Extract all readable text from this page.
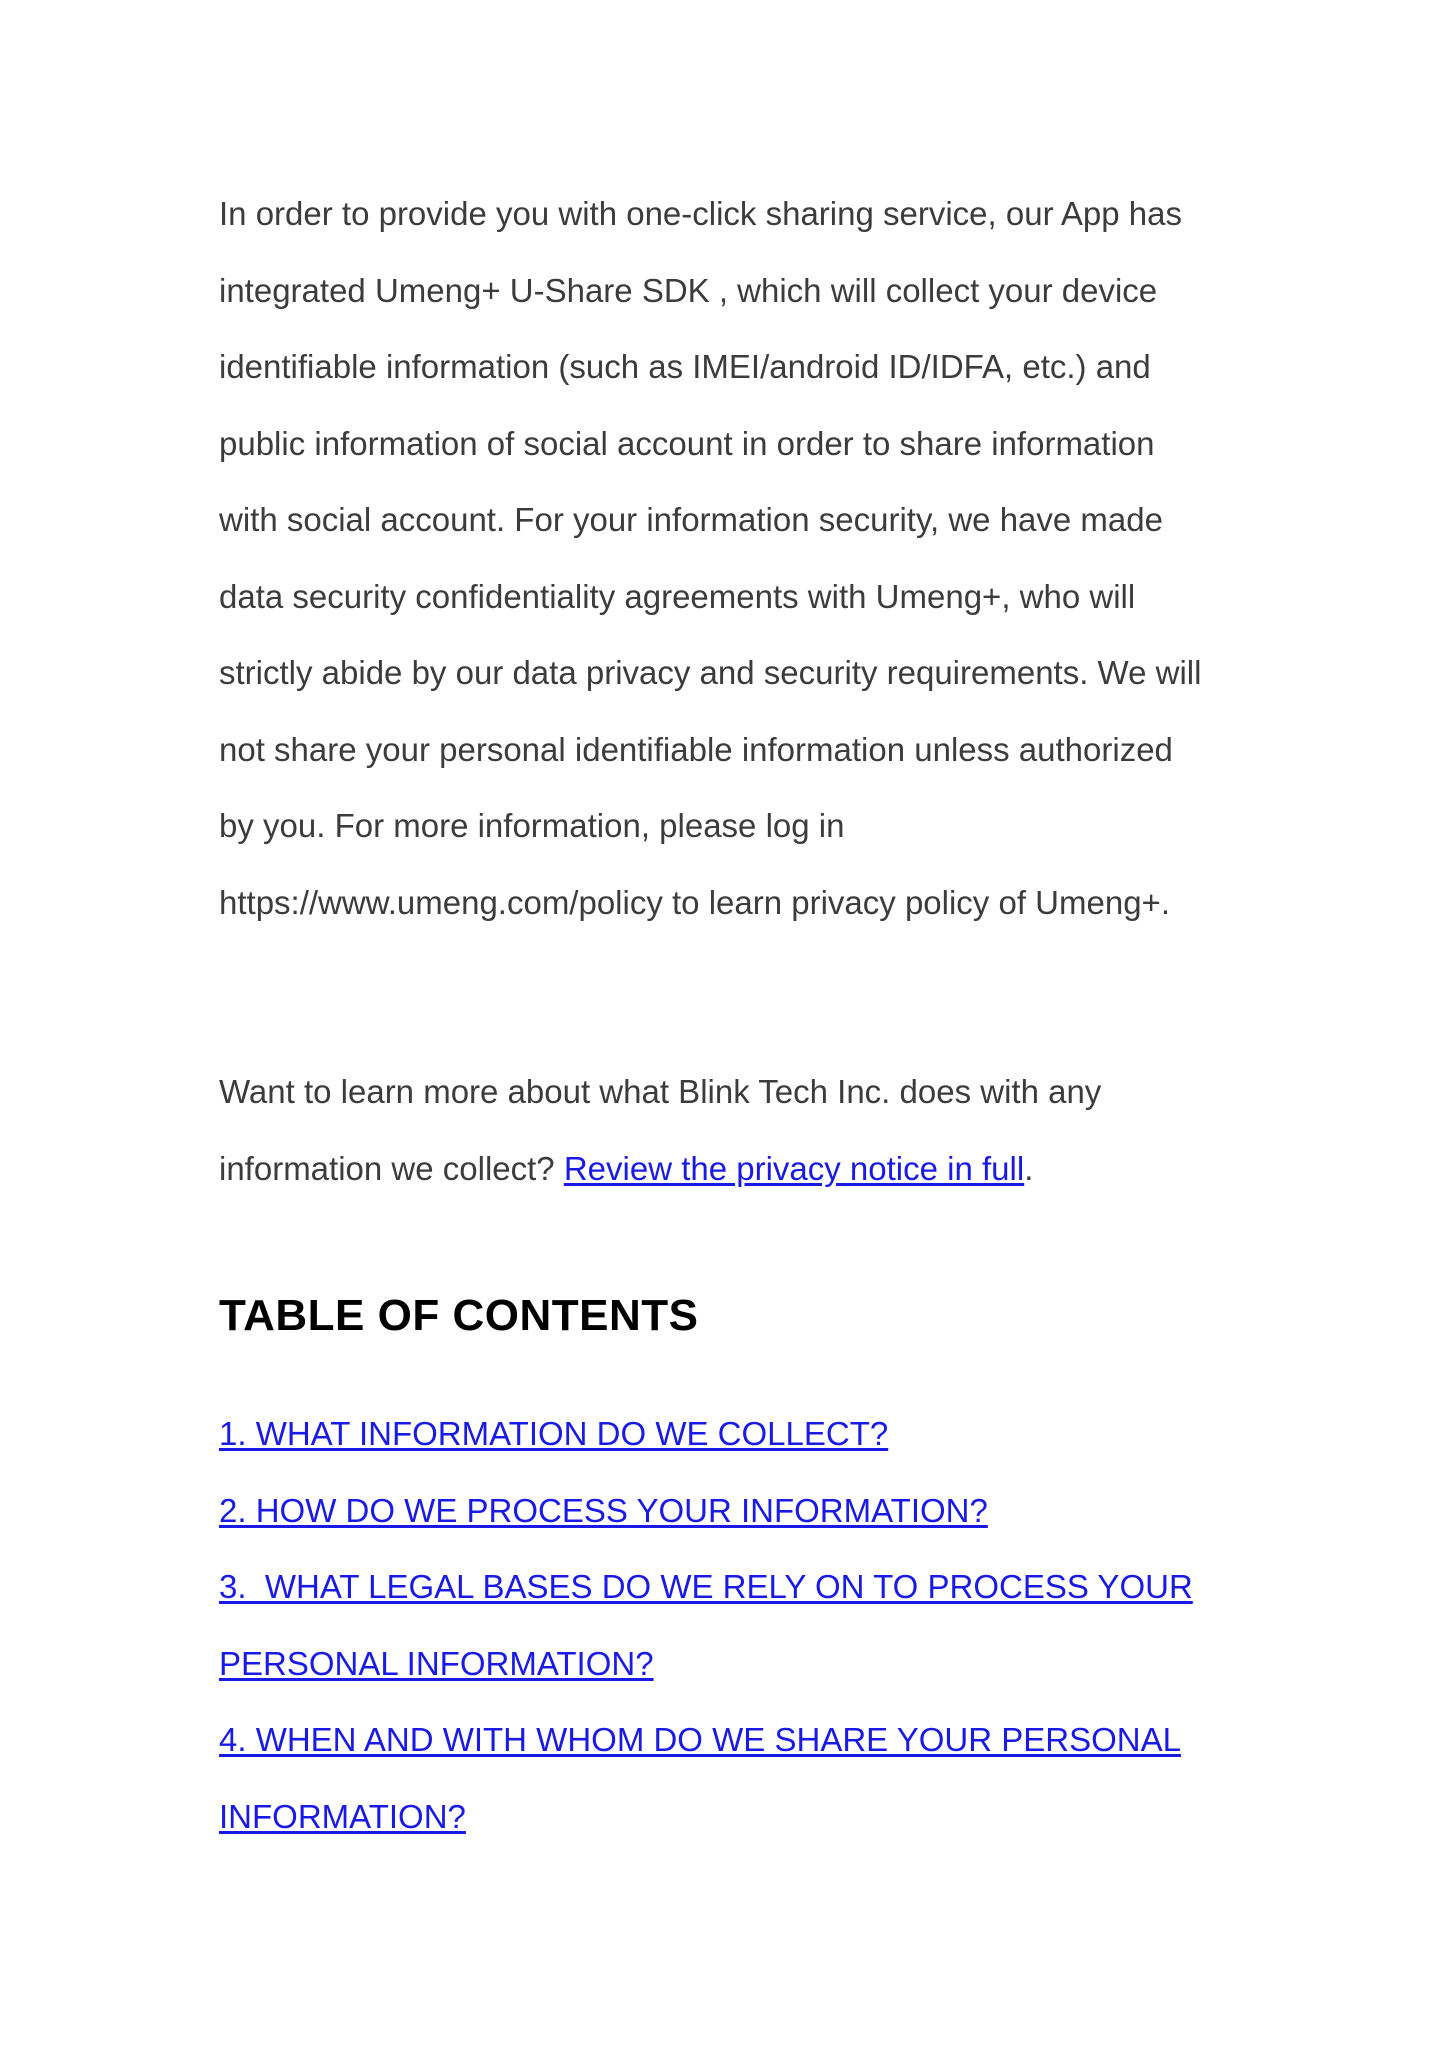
In order to provide you with one-click sharing service, our App has
integrated Umeng+ U-Share SDK , which will collect your device
identifiable information (such as IMEI/android ID/IDFA, etc.) and
public information of social account in order to share information
with social account. For your information security, we have made
data security confidentiality agreements with Umeng+, who will
strictly abide by our data privacy and security requirements. We will
not share your personal identifiable information unless authorized
by you. For more information, please log in
https://www.umeng.com/policy to learn privacy policy of Umeng+.

Want to learn more about what Blink Tech Inc. does with any
information we collect? Review the privacy notice in full.

TABLE OF CONTENTS
1. WHAT INFORMATION DO WE COLLECT?
2. HOW DO WE PROCESS YOUR INFORMATION?
3.  WHAT LEGAL BASES DO WE RELY ON TO PROCESS YOUR
PERSONAL INFORMATION?
4. WHEN AND WITH WHOM DO WE SHARE YOUR PERSONAL
INFORMATION?
